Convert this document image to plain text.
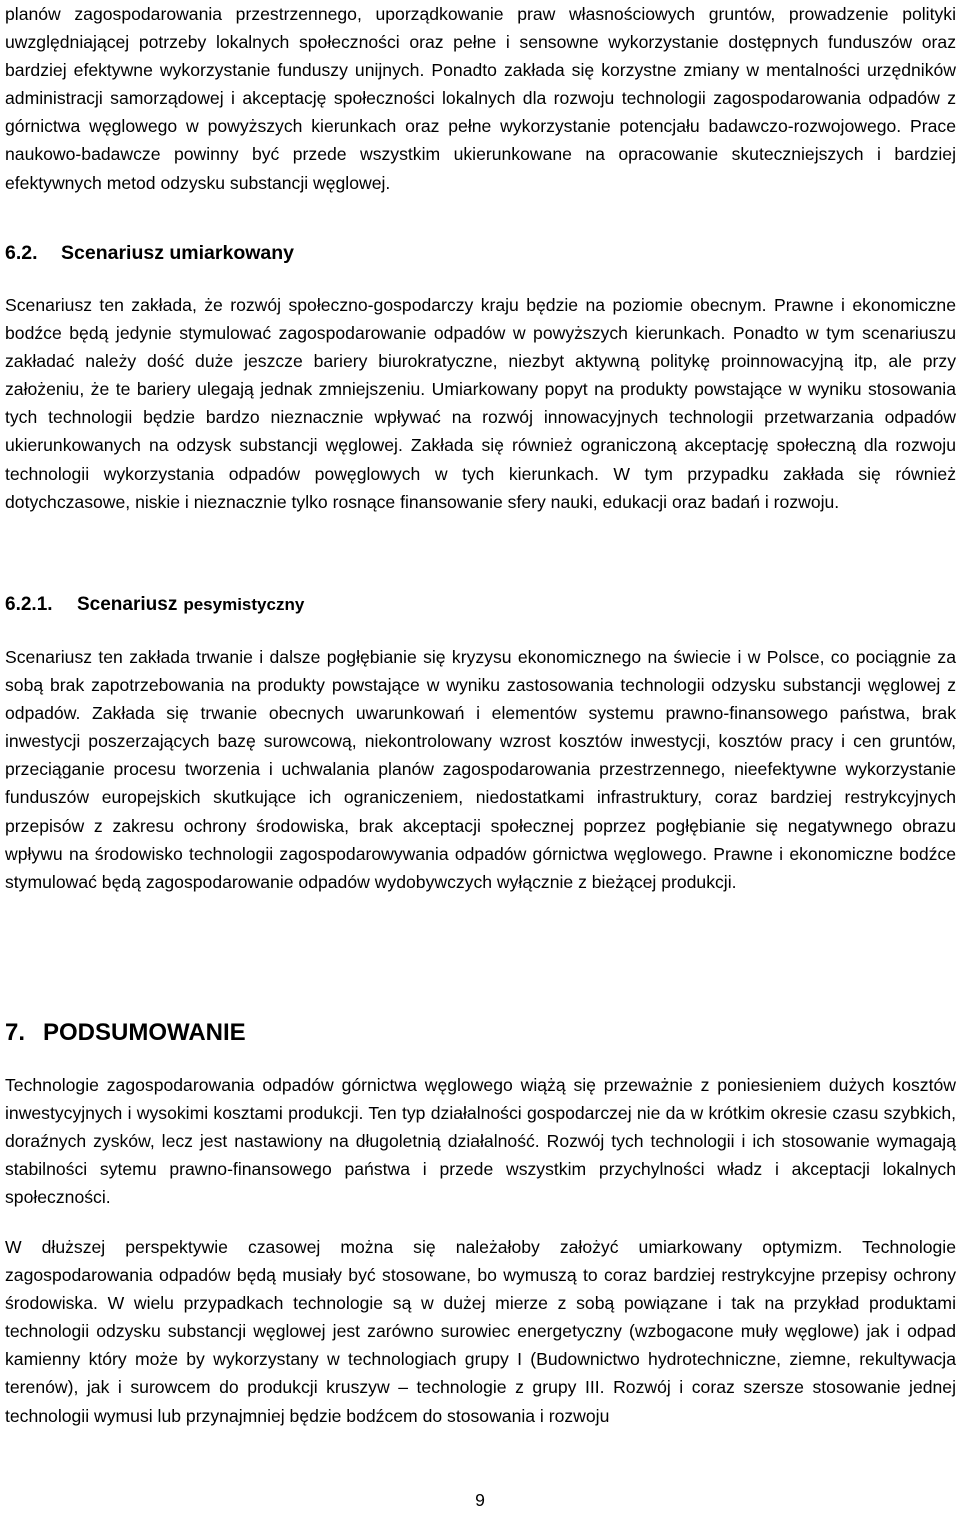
planów zagospodarowania przestrzennego, uporządkowanie praw własnościowych gruntów, prowadzenie polityki uwzględniającej potrzeby lokalnych społeczności oraz pełne i sensowne wykorzystanie dostępnych funduszów oraz bardziej efektywne wykorzystanie funduszy unijnych. Ponadto zakłada się korzystne zmiany w mentalności urzędników administracji samorządowej i akceptację społeczności lokalnych dla rozwoju technologii zagospodarowania odpadów z górnictwa węglowego w powyższych kierunkach oraz pełne wykorzystanie potencjału badawczo-rozwojowego. Prace naukowo-badawcze powinny być przede wszystkim ukierunkowane na opracowanie skuteczniejszych i bardziej efektywnych metod odzysku substancji węglowej.

6.2.	Scenariusz umiarkowany

Scenariusz ten zakłada, że rozwój społeczno-gospodarczy kraju będzie na poziomie obecnym. Prawne i ekonomiczne bodźce będą jedynie stymulować zagospodarowanie odpadów w powyższych kierunkach. Ponadto w tym scenariuszu zakładać należy dość duże jeszcze bariery biurokratyczne, niezbyt aktywną politykę proinnowacyjną itp, ale przy założeniu, że te bariery ulegają jednak zmniejszeniu. Umiarkowany popyt na produkty powstające w wyniku stosowania tych technologii będzie bardzo nieznacznie wpływać na rozwój innowacyjnych technologii przetwarzania odpadów ukierunkowanych na odzysk substancji węglowej. Zakłada się również ograniczoną akceptację społeczną dla rozwoju technologii wykorzystania odpadów powęglowych w tych kierunkach. W tym przypadku zakłada się również dotychczasowe, niskie i nieznacznie tylko rosnące finansowanie sfery nauki, edukacji oraz badań i rozwoju.

6.2.1.	Scenariusz pesymistyczny

Scenariusz ten zakłada trwanie i dalsze pogłębianie się kryzysu ekonomicznego na świecie i w Polsce, co pociągnie za sobą brak zapotrzebowania na produkty powstające w wyniku zastosowania technologii odzysku substancji węglowej z odpadów. Zakłada się trwanie obecnych uwarunkowań i elementów systemu prawno-finansowego państwa, brak inwestycji poszerzających bazę surowcową, niekontrolowany wzrost kosztów inwestycji, kosztów pracy i cen gruntów, przeciąganie procesu tworzenia i uchwalania planów zagospodarowania przestrzennego, nieefektywne wykorzystanie funduszów europejskich skutkujące ich ograniczeniem, niedostatkami infrastruktury, coraz bardziej restrykcyjnych przepisów z zakresu ochrony środowiska, brak akceptacji społecznej poprzez pogłębianie się negatywnego obrazu wpływu na środowisko technologii zagospodarowywania odpadów górnictwa węglowego. Prawne i ekonomiczne bodźce stymulować będą zagospodarowanie odpadów wydobywczych wyłącznie z bieżącej produkcji.

7. PODSUMOWANIE

Technologie zagospodarowania odpadów górnictwa węglowego wiążą się przeważnie z poniesieniem dużych kosztów inwestycyjnych i wysokimi kosztami produkcji. Ten typ działalności gospodarczej nie da w krótkim okresie czasu szybkich, doraźnych zysków, lecz jest nastawiony na długoletnią działalność. Rozwój tych technologii i ich stosowanie wymagają stabilności sytemu prawno-finansowego państwa i przede wszystkim przychylności władz i akceptacji lokalnych społeczności.

W dłuższej perspektywie czasowej można się należałoby założyć umiarkowany optymizm. Technologie zagospodarowania odpadów będą musiały być stosowane, bo wymuszą to coraz bardziej restrykcyjne przepisy ochrony środowiska. W wielu przypadkach technologie są w dużej mierze z sobą powiązane i tak na przykład produktami technologii odzysku substancji węglowej jest zarówno surowiec energetyczny (wzbogacone muły węglowe) jak i odpad kamienny który może by wykorzystany w technologiach grupy I (Budownictwo hydrotechniczne, ziemne, rekultywacja terenów), jak i surowcem do produkcji kruszyw – technologie z grupy III. Rozwój i coraz szersze stosowanie jednej technologii wymusi lub przynajmniej będzie bodźcem do stosowania i rozwoju

9
